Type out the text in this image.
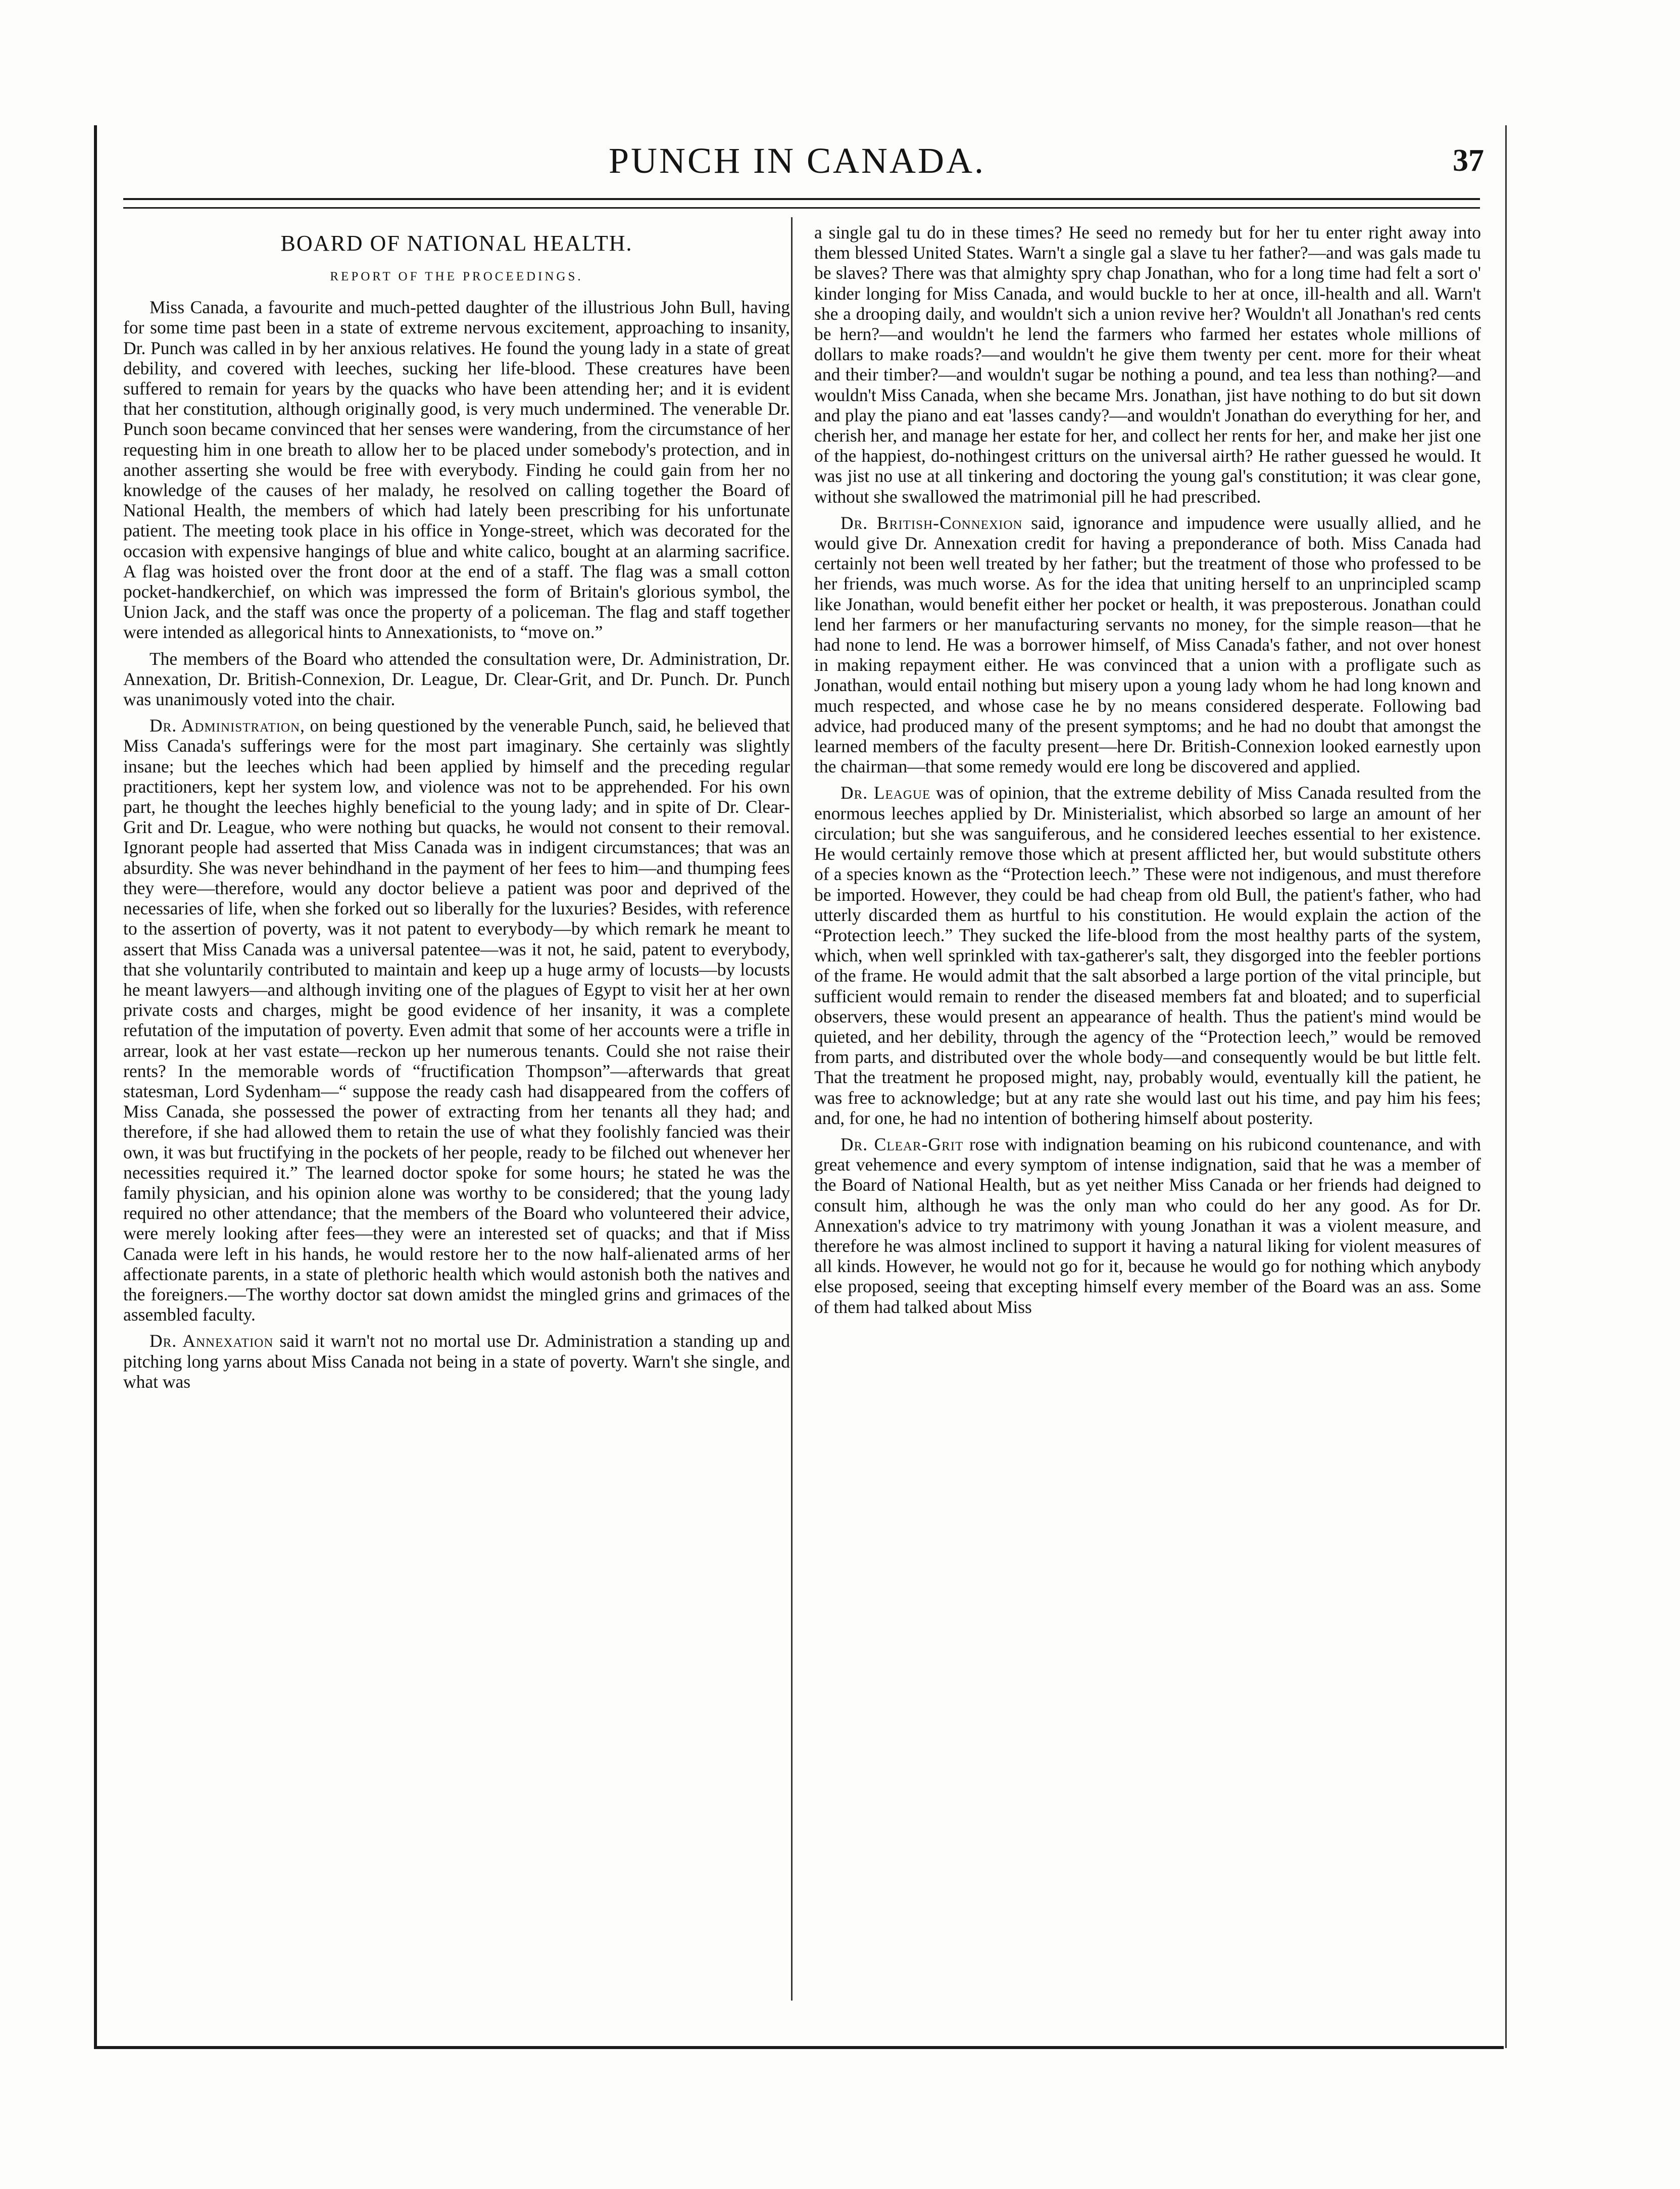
PUNCH IN CANADA.	37
BOARD OF NATIONAL HEALTH.
REPORT OF THE PROCEEDINGS.

Miss Canada, a favourite and much-petted daughter of the illustrious John Bull, having for some time past been in a state of extreme nervous excitement, approaching to insanity, Dr. Punch was called in by her anxious relatives. He found the young lady in a state of great debility, and covered with leeches, sucking her life-blood. These creatures have been suffered to remain for years by the quacks who have been attending her; and it is evident that her constitution, although originally good, is very much undermined. The venerable Dr. Punch soon became convinced that her senses were wandering, from the circumstance of her requesting him in one breath to allow her to be placed under somebody's protection, and in another asserting she would be free with everybody. Finding he could gain from her no knowledge of the causes of her malady, he resolved on calling together the Board of National Health, the members of which had lately been prescribing for his unfortunate patient. The meeting took place in his office in Yonge-street, which was decorated for the occasion with expensive hangings of blue and white calico, bought at an alarming sacrifice. A flag was hoisted over the front door at the end of a staff. The flag was a small cotton pocket-handkerchief, on which was impressed the form of Britain's glorious symbol, the Union Jack, and the staff was once the property of a policeman. The flag and staff together were intended as allegorical hints to Annexationists, to “move on.”

The members of the Board who attended the consultation were, Dr. Administration, Dr. Annexation, Dr. British-Connexion, Dr. League, Dr. Clear-Grit, and Dr. Punch. Dr. Punch was unanimously voted into the chair.

Dr. Administration, on being questioned by the venerable Punch, said, he believed that Miss Canada's sufferings were for the most part imaginary. She certainly was slightly insane; but the leeches which had been applied by himself and the preceding regular practitioners, kept her system low, and violence was not to be apprehended. For his own part, he thought the leeches highly beneficial to the young lady; and in spite of Dr. Clear-Grit and Dr. League, who were nothing but quacks, he would not consent to their removal. Ignorant people had asserted that Miss Canada was in indigent circumstances; that was an absurdity. She was never behindhand in the payment of her fees to him—and thumping fees they were—therefore, would any doctor believe a patient was poor and deprived of the necessaries of life, when she forked out so liberally for the luxuries? Besides, with reference to the assertion of poverty, was it not patent to everybody—by which remark he meant to assert that Miss Canada was a universal patentee—was it not, he said, patent to everybody, that she voluntarily contributed to maintain and keep up a huge army of locusts—by locusts he meant lawyers—and although inviting one of the plagues of Egypt to visit her at her own private costs and charges, might be good evidence of her insanity, it was a complete refutation of the imputation of poverty. Even admit that some of her accounts were a trifle in arrear, look at her vast estate—reckon up her numerous tenants. Could she not raise their rents? In the memorable words of “fructification Thompson”—afterwards that great statesman, Lord Sydenham—“ suppose the ready cash had disappeared from the coffers of Miss Canada, she possessed the power of extracting from her tenants all they had; and therefore, if she had allowed them to retain the use of what they foolishly fancied was their own, it was but fructifying in the pockets of her people, ready to be filched out whenever her necessities required it.” The learned doctor spoke for some hours; he stated he was the family physician, and his opinion alone was worthy to be considered; that the young lady required no other attendance; that the members of the Board who volunteered their advice, were merely looking after fees—they were an interested set of quacks; and that if Miss Canada were left in his hands, he would restore her to the now half-alienated arms of her affectionate parents, in a state of plethoric health which would astonish both the natives and the foreigners.—The worthy doctor sat down amidst the mingled grins and grimaces of the assembled faculty.

Dr. Annexation said it warn't not no mortal use Dr. Administration a standing up and pitching long yarns about Miss Canada not being in a state of poverty. Warn't she single, and what was

a single gal tu do in these times? He seed no remedy but for her tu enter right away into them blessed United States. Warn't a single gal a slave tu her father?—and was gals made tu be slaves? There was that almighty spry chap Jonathan, who for a long time had felt a sort o' kinder longing for Miss Canada, and would buckle to her at once, ill-health and all. Warn't she a drooping daily, and wouldn't sich a union revive her? Wouldn't all Jonathan's red cents be hern?—and wouldn't he lend the farmers who farmed her estates whole millions of dollars to make roads?—and wouldn't he give them twenty per cent. more for their wheat and their timber?—and wouldn't sugar be nothing a pound, and tea less than nothing?—and wouldn't Miss Canada, when she became Mrs. Jonathan, jist have nothing to do but sit down and play the piano and eat 'lasses candy?—and wouldn't Jonathan do everything for her, and cherish her, and manage her estate for her, and collect her rents for her, and make her jist one of the happiest, do-nothingest critturs on the universal airth? He rather guessed he would. It was jist no use at all tinkering and doctoring the young gal's constitution; it was clear gone, without she swallowed the matrimonial pill he had prescribed.

Dr. British-Connexion said, ignorance and impudence were usually allied, and he would give Dr. Annexation credit for having a preponderance of both. Miss Canada had certainly not been well treated by her father; but the treatment of those who professed to be her friends, was much worse. As for the idea that uniting herself to an unprincipled scamp like Jonathan, would benefit either her pocket or health, it was preposterous. Jonathan could lend her farmers or her manufacturing servants no money, for the simple reason—that he had none to lend. He was a borrower himself, of Miss Canada's father, and not over honest in making repayment either. He was convinced that a union with a profligate such as Jonathan, would entail nothing but misery upon a young lady whom he had long known and much respected, and whose case he by no means considered desperate. Following bad advice, had produced many of the present symptoms; and he had no doubt that amongst the learned members of the faculty present—here Dr. British-Connexion looked earnestly upon the chairman—that some remedy would ere long be discovered and applied.

Dr. League was of opinion, that the extreme debility of Miss Canada resulted from the enormous leeches applied by Dr. Ministerialist, which absorbed so large an amount of her circulation; but she was sanguiferous, and he considered leeches essential to her existence. He would certainly remove those which at present afflicted her, but would substitute others of a species known as the “Protection leech.” These were not indigenous, and must therefore be imported. However, they could be had cheap from old Bull, the patient's father, who had utterly discarded them as hurtful to his constitution. He would explain the action of the “Protection leech.” They sucked the life-blood from the most healthy parts of the system, which, when well sprinkled with tax-gatherer's salt, they disgorged into the feebler portions of the frame. He would admit that the salt absorbed a large portion of the vital principle, but sufficient would remain to render the diseased members fat and bloated; and to superficial observers, these would present an appearance of health. Thus the patient's mind would be quieted, and her debility, through the agency of the “Protection leech,” would be removed from parts, and distributed over the whole body—and consequently would be but little felt. That the treatment he proposed might, nay, probably would, eventually kill the patient, he was free to acknowledge; but at any rate she would last out his time, and pay him his fees; and, for one, he had no intention of bothering himself about posterity.

Dr. Clear-Grit rose with indignation beaming on his rubicond countenance, and with great vehemence and every symptom of intense indignation, said that he was a member of the Board of National Health, but as yet neither Miss Canada or her friends had deigned to consult him, although he was the only man who could do her any good. As for Dr. Annexation's advice to try matrimony with young Jonathan it was a violent measure, and therefore he was almost inclined to support it having a natural liking for violent measures of all kinds. However, he would not go for it, because he would go for nothing which anybody else proposed, seeing that excepting himself every member of the Board was an ass. Some of them had talked about Miss
